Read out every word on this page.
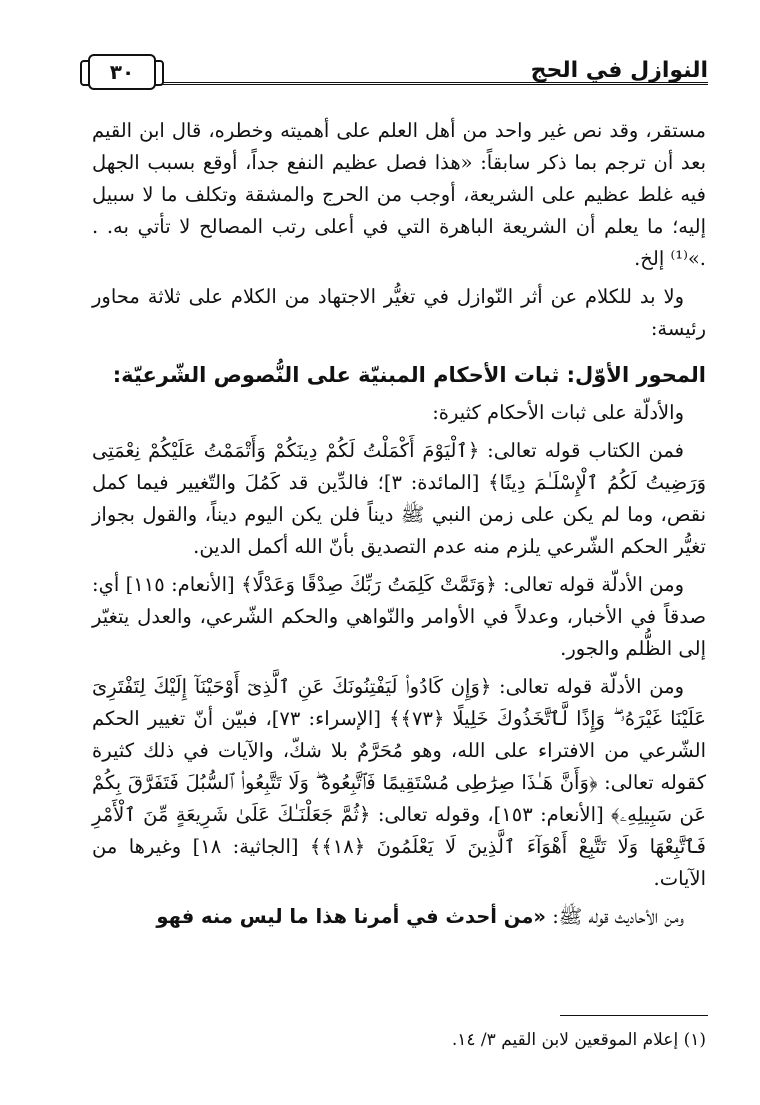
النوازل في الحج
٣٠

مستقر، وقد نص غير واحد من أهل العلم على أهميته وخطره، قال ابن القيم بعد أن ترجم بما ذكر سابقاً: «هذا فصل عظيم النفع جداً، أوقع بسبب الجهل فيه غلط عظيم على الشريعة، أوجب من الحرج والمشقة وتكلف ما لا سبيل إليه؛ ما يعلم أن الشريعة الباهرة التي في أعلى رتب المصالح لا تأتي به. . .»⁽¹⁾ إلخ.

ولا بد للكلام عن أثر النّوازل في تغيُّر الاجتهاد من الكلام على ثلاثة محاور رئيسة:

المحور الأوّل: ثبات الأحكام المبنيّة على النُّصوص الشّرعيّة:

والأدلّة على ثبات الأحكام كثيرة:

فمن الكتاب قوله تعالى: ﴿ٱلْيَوْمَ أَكْمَلْتُ لَكُمْ دِينَكُمْ وَأَتْمَمْتُ عَلَيْكُمْ نِعْمَتِى وَرَضِيتُ لَكُمُ ٱلْإِسْلَـٰمَ دِينًا﴾ [المائدة: ٣]؛ فالدِّين قد كَمُلَ والتّغيير فيما كمل نقص، وما لم يكن على زمن النبي ﷺ ديناً فلن يكن اليوم ديناً، والقول بجواز تغيُّر الحكم الشّرعي يلزم منه عدم التصديق بأنّ الله أكمل الدين.

ومن الأدلّة قوله تعالى: ﴿وَتَمَّتْ كَلِمَتُ رَبِّكَ صِدْقًا وَعَدْلًا﴾ [الأنعام: ١١٥] أي: صدقاً في الأخبار، وعدلاً في الأوامر والنّواهي والحكم الشّرعي، والعدل يتغيّر إلى الظُّلم والجور.

ومن الأدلّة قوله تعالى: ﴿وَإِن كَادُوا۟ لَيَفْتِنُونَكَ عَنِ ٱلَّذِىٓ أَوْحَيْنَآ إِلَيْكَ لِتَفْتَرِىَ عَلَيْنَا غَيْرَهُۥ ۖ وَإِذًا لَّٱتَّخَذُوكَ خَلِيلًا ﴿٧٣﴾﴾ [الإسراء: ٧٣]، فبيّن أنّ تغيير الحكم الشّرعي من الافتراء على الله، وهو مُحَرَّمٌ بلا شكّ، والآيات في ذلك كثيرة كقوله تعالى: ﴿وَأَنَّ هَـٰذَا صِرَٰطِى مُسْتَقِيمًا فَٱتَّبِعُوهُ ۖ وَلَا تَتَّبِعُوا۟ ٱلسُّبُلَ فَتَفَرَّقَ بِكُمْ عَن سَبِيلِهِۦ﴾ [الأنعام: ١٥٣]، وقوله تعالى: ﴿ثُمَّ جَعَلْنَـٰكَ عَلَىٰ شَرِيعَةٍ مِّنَ ٱلْأَمْرِ فَٱتَّبِعْهَا وَلَا تَتَّبِعْ أَهْوَآءَ ٱلَّذِينَ لَا يَعْلَمُونَ ﴿١٨﴾﴾ [الجاثية: ١٨] وغيرها من الآيات.

ومن الأحاديث قوله ﷺ: «من أحدث في أمرنا هذا ما ليس منه فهو

(١) إعلام الموقعين لابن القيم ٣/ ١٤.
